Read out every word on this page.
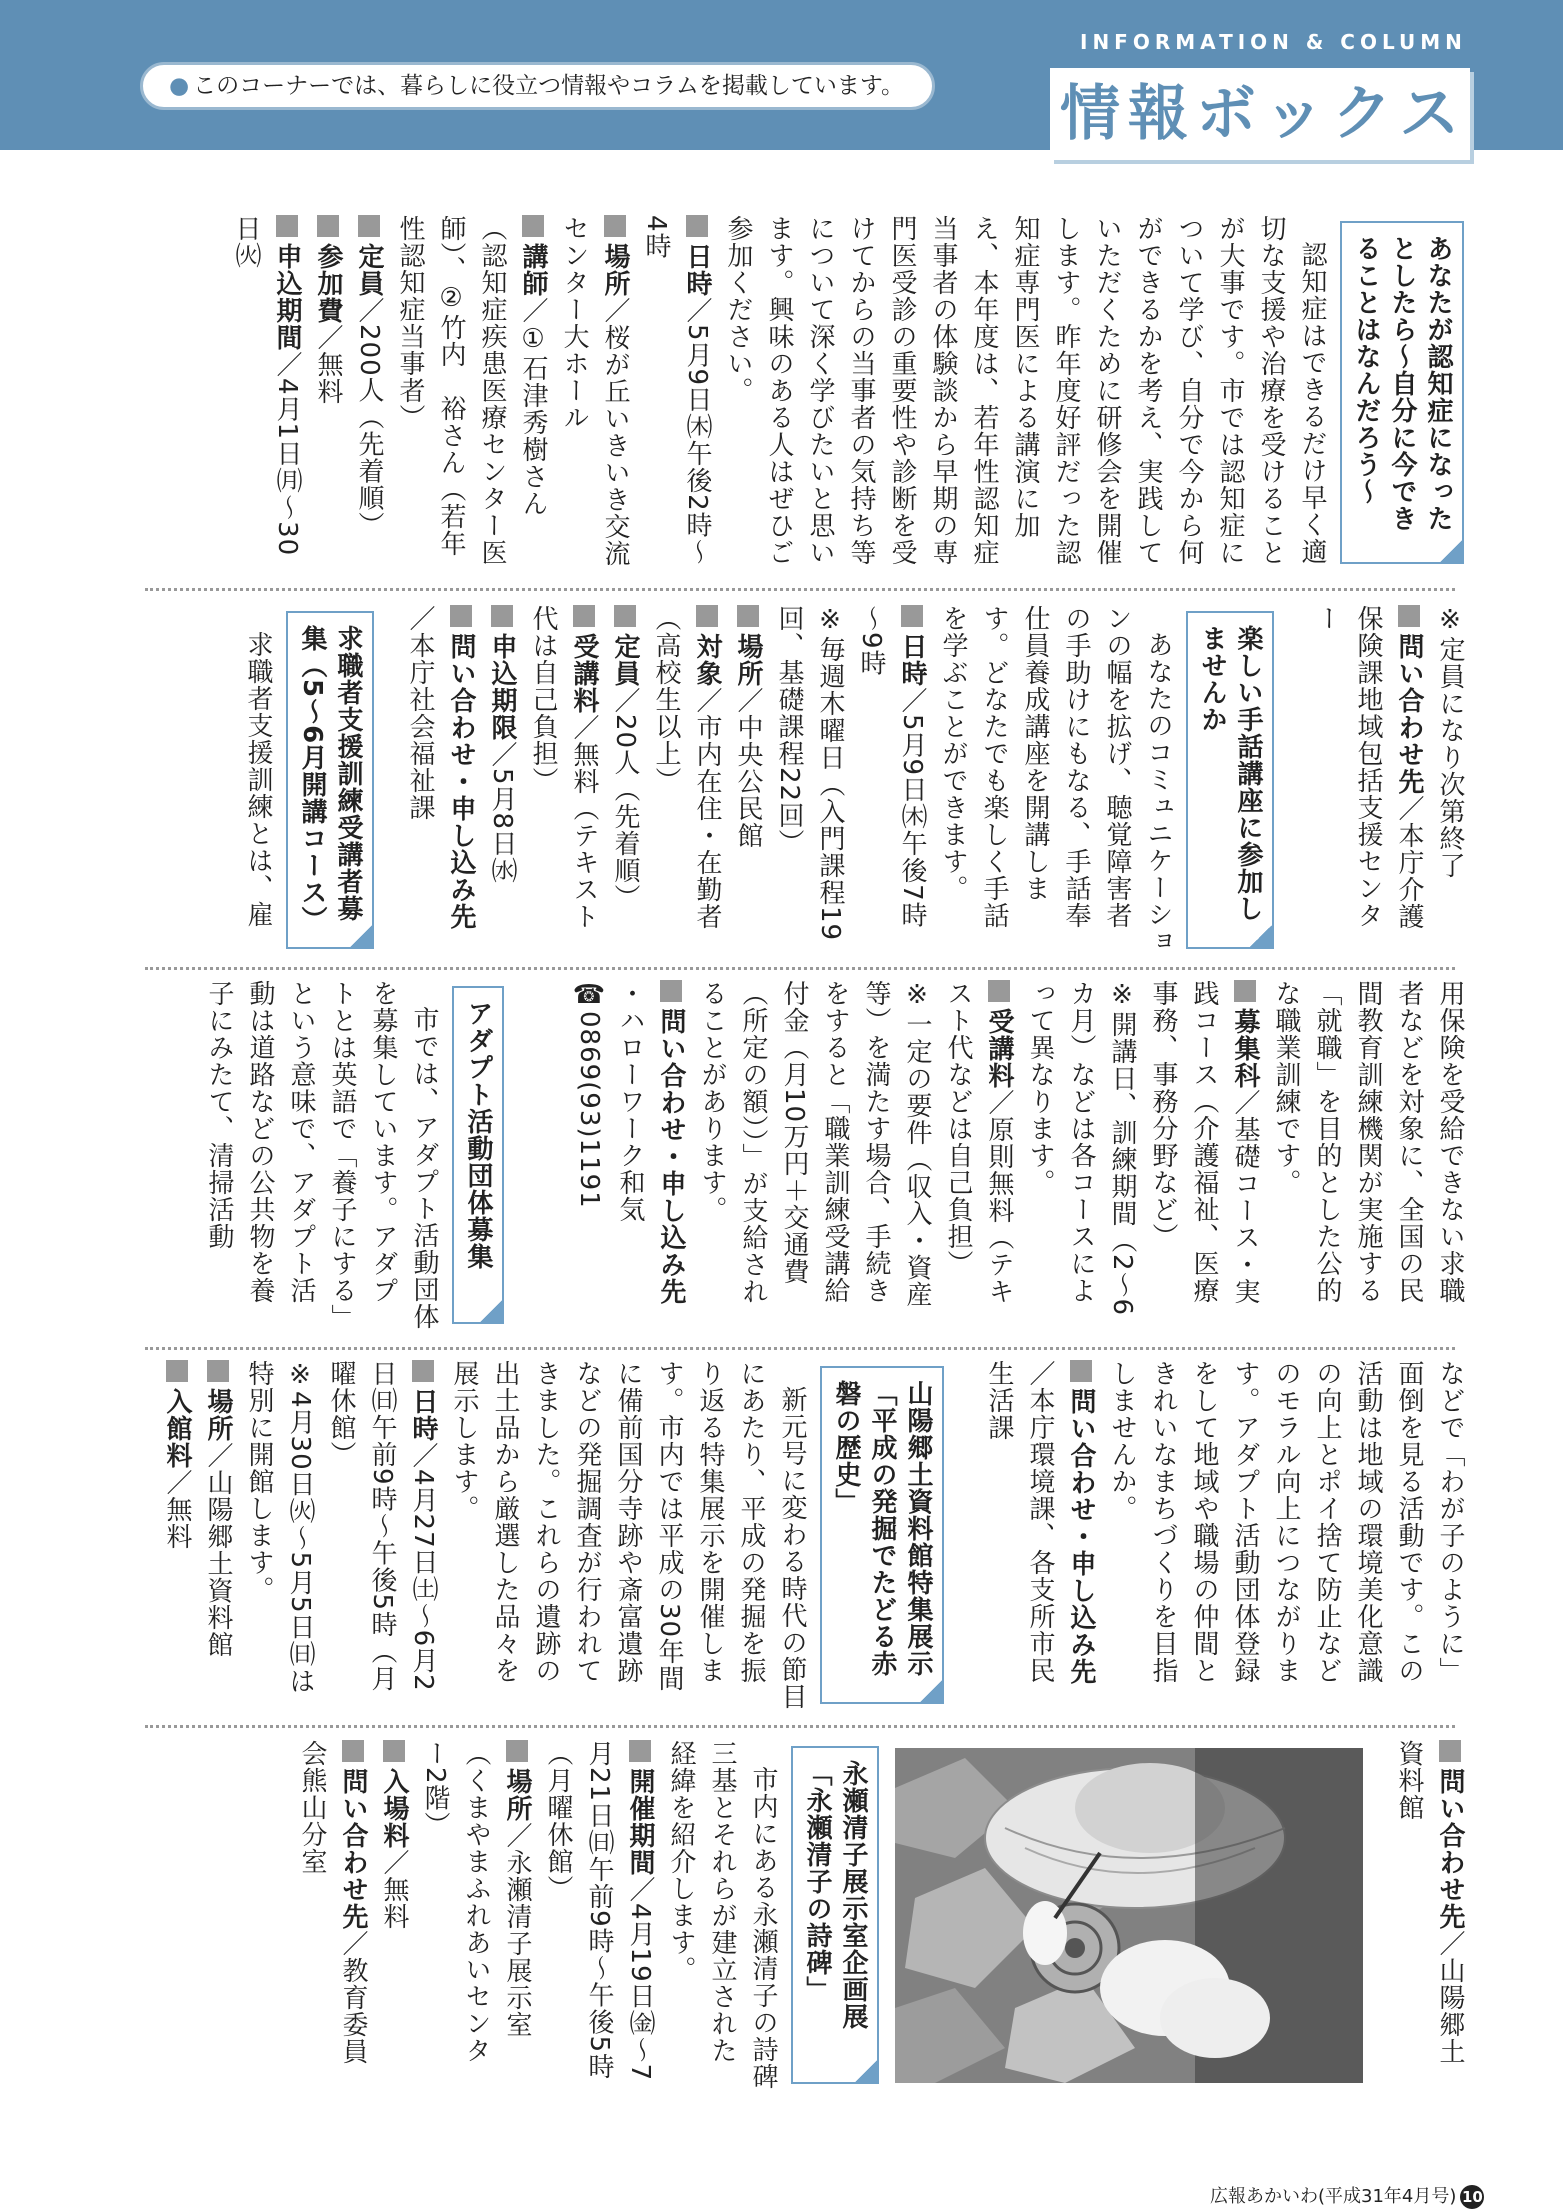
● このコーナーでは、暮らしに役立つ情報やコラムを掲載しています。
INFORMATION & COLUMN
情報ボックス
あなたが認知症になったとしたら～自分に今できることはなんだろう～

認知症はできるだけ早く適切な支援や治療を受けることが大事です。市では認知症について学び、自分で今から何ができるかを考え、実践していただくために研修会を開催します。昨年度好評だった認知症専門医による講演に加え、本年度は、若年性認知症当事者の体験談から早期の専門医受診の重要性や診断を受けてからの当事者の気持ち等について深く学びたいと思います。興味のある人はぜひご参加ください。

日時／5月9日㈭午後2時～4時

場所／桜が丘いきいき交流センター大ホール

講師／①石津秀樹さん（認知症疾患医療センター医師）、②竹内　裕さん（若年性認知症当事者）

定員／200人（先着順）

参加費／無料

申込期間／4月1日㈪～30日㈫

※定員になり次第終了

問い合わせ先／本庁介護保険課地域包括支援センター

楽しい手話講座に参加しませんか

あなたのコミュニケーションの幅を拡げ、聴覚障害者の手助けにもなる、手話奉仕員養成講座を開講します。どなたでも楽しく手話を学ぶことができます。

日時／5月9日㈭午後7時～9時

※毎週木曜日（入門課程19回、基礎課程22回）

場所／中央公民館

対象／市内在住・在勤者（高校生以上）

定員／20人（先着順）

受講料／無料（テキスト代は自己負担）

申込期限／5月8日㈬

問い合わせ・申し込み先／本庁社会福祉課

求職者支援訓練受講者募集（5～6月開講コース）

求職者支援訓練とは、雇

用保険を受給できない求職者などを対象に、全国の民間教育訓練機関が実施する「就職」を目的とした公的な職業訓練です。

募集科／基礎コース・実践コース（介護福祉、医療事務、事務分野など）

※開講日、訓練期間（2～6カ月）などは各コースによって異なります。

受講料／原則無料（テキスト代などは自己負担）

※一定の要件（収入・資産等）を満たす場合、手続きをすると「職業訓練受講給付金（月10万円＋交通費（所定の額））」が支給されることがあります。

問い合わせ・申し込み先

・ハローワーク和気

☎0869(93)1191

アダプト活動団体募集

市では、アダプト活動団体を募集しています。アダプトとは英語で「養子にする」という意味で、アダプト活動は道路などの公共物を養子にみたて、清掃活動

などで「わが子のように」面倒を見る活動です。この活動は地域の環境美化意識の向上とポイ捨て防止などのモラル向上につながります。アダプト活動団体登録をして地域や職場の仲間ときれいなまちづくりを目指しませんか。

問い合わせ・申し込み先／本庁環境課、各支所市民生活課

山陽郷土資料館特集展示「平成の発掘でたどる赤磐の歴史」

新元号に変わる時代の節目にあたり、平成の発掘を振り返る特集展示を開催します。市内では平成の30年間に備前国分寺跡や斎富遺跡などの発掘調査が行われてきました。これらの遺跡の出土品から厳選した品々を展示します。

日時／4月27日㈯～6月2日㈰午前9時～午後5時（月曜休館）

※4月30日㈫～5月5日㈰は特別に開館します。

場所／山陽郷土資料館

入館料／無料

問い合わせ先／山陽郷土資料館

永瀬清子展示室企画展「永瀬清子の詩碑」

市内にある永瀬清子の詩碑三基とそれらが建立された経緯を紹介します。

開催期間／4月19日㈮～7月21日㈰午前9時～午後5時（月曜休館）

場所／永瀬清子展示室（くまやまふれあいセンター2階）

入場料／無料

問い合わせ先／教育委員会熊山分室

広報あかいわ(平成31年4月号) 10
